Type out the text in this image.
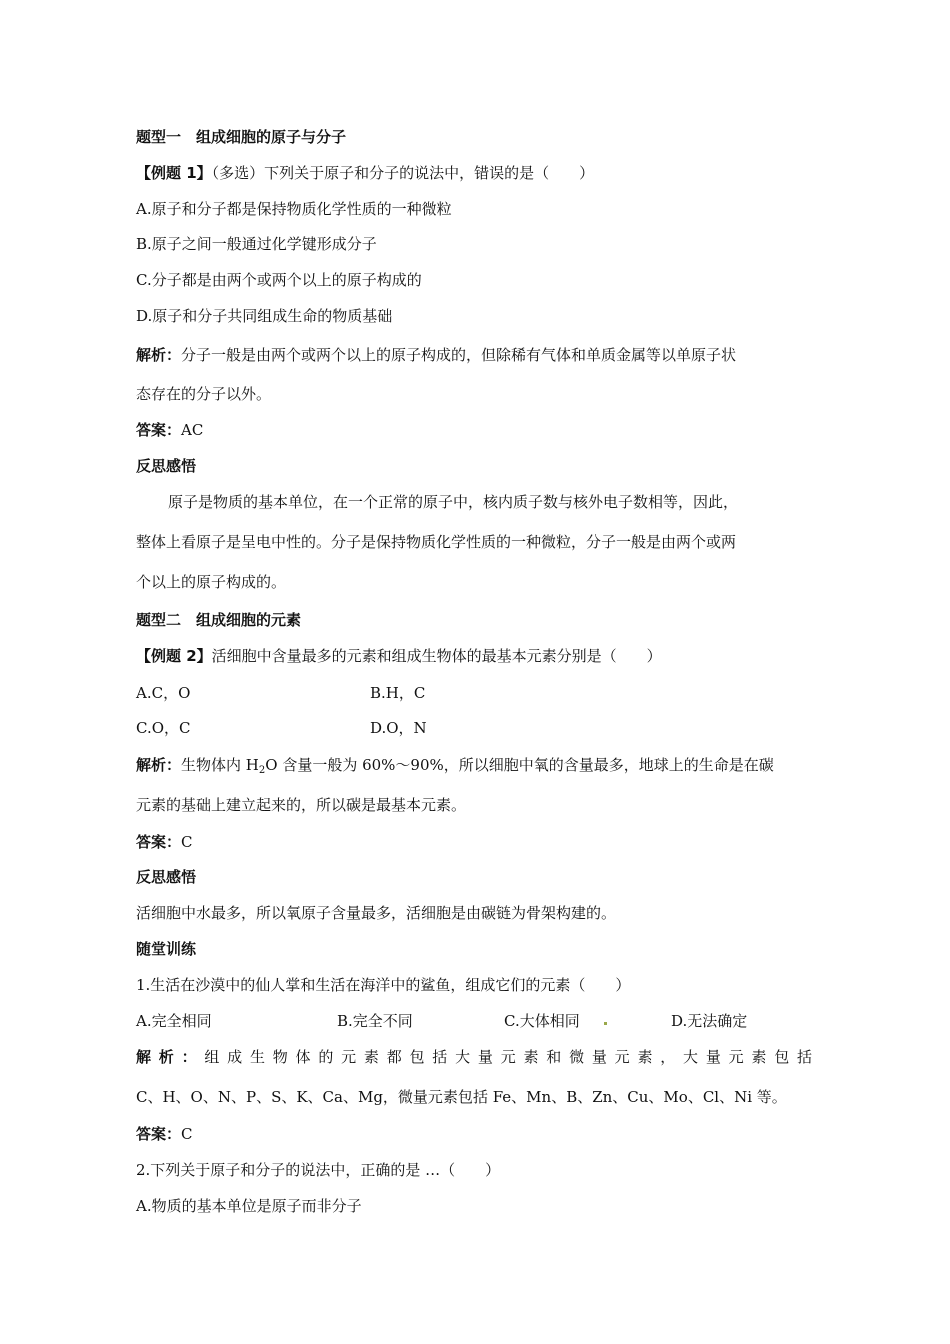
题型一　组成细胞的原子与分子
【例题 1】（多选）下列关于原子和分子的说法中，错误的是（　　）
A.原子和分子都是保持物质化学性质的一种微粒
B.原子之间一般通过化学键形成分子
C.分子都是由两个或两个以上的原子构成的
D.原子和分子共同组成生命的物质基础
解析：分子一般是由两个或两个以上的原子构成的，但除稀有气体和单质金属等以单原子状
态存在的分子以外。
答案：AC
反思感悟
原子是物质的基本单位，在一个正常的原子中，核内质子数与核外电子数相等，因此，
整体上看原子是呈电中性的。分子是保持物质化学性质的一种微粒，分子一般是由两个或两
个以上的原子构成的。
题型二　组成细胞的元素
【例题 2】活细胞中含量最多的元素和组成生物体的最基本元素分别是（　　）
A.C，O	B.H，C
C.O，C	D.O，N
解析：生物体内 $H_2O$ 含量一般为 60%～90%，所以细胞中氧的含量最多，地球上的生命是在碳
元素的基础上建立起来的，所以碳是最基本元素。
答案：C
反思感悟
活细胞中水最多，所以氧原子含量最多，活细胞是由碳链为骨架构建的。
随堂训练
1.生活在沙漠中的仙人掌和生活在海洋中的鲨鱼，组成它们的元素（　　）
A.完全相同	B.完全不同	C.大体相同	D.无法确定
解析：组成生物体的元素都包括大量元素和微量元素，大量元素包括
C、H、O、N、P、S、K、Ca、Mg，微量元素包括 Fe、Mn、B、Zn、Cu、Mo、Cl、Ni 等。
答案：C
2.下列关于原子和分子的说法中，正确的是 …（　　）
A.物质的基本单位是原子而非分子
